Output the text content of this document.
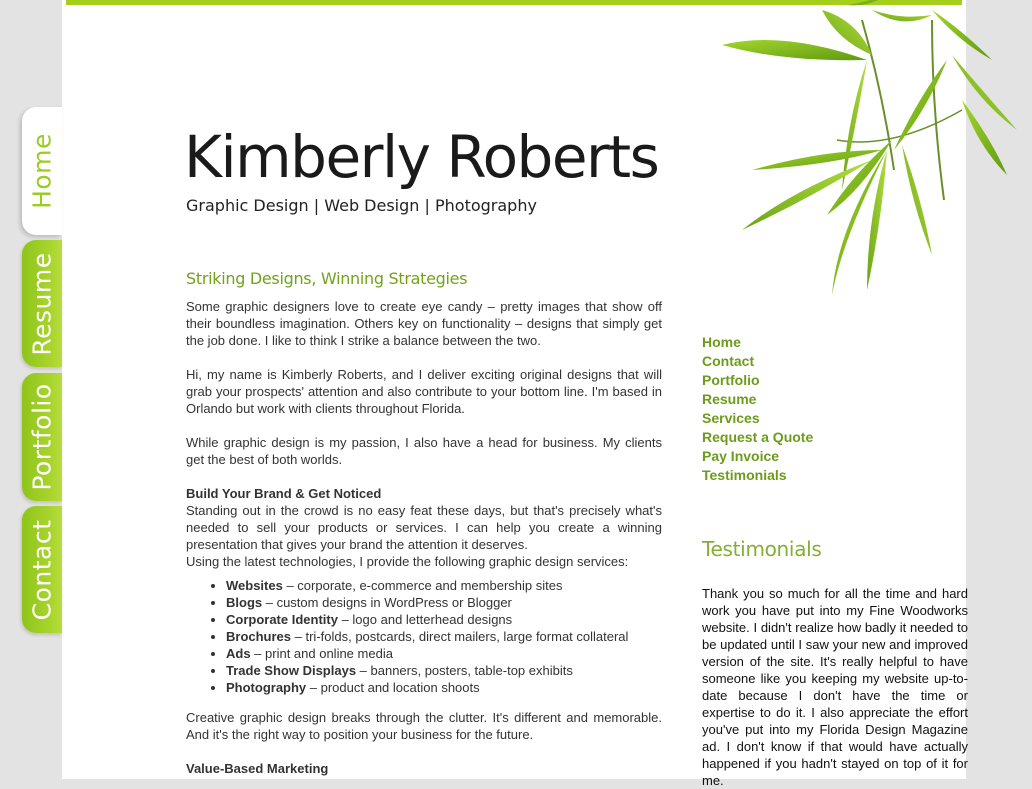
Kimberly Roberts
Graphic Design | Web Design | Photography
Striking Designs, Winning Strategies

Some graphic designers love to create eye candy – pretty images that show off their boundless imagination. Others key on functionality – designs that simply get the job done. I like to think I strike a balance between the two.

Hi, my name is Kimberly Roberts, and I deliver exciting original designs that will grab your prospects' attention and also contribute to your bottom line. I'm based in Orlando but work with clients throughout Florida.

While graphic design is my passion, I also have a head for business. My clients get the best of both worlds.

Build Your Brand & Get Noticed

Standing out in the crowd is no easy feat these days, but that's precisely what's needed to sell your products or services. I can help you create a winning presentation that gives your brand the attention it deserves.

Using the latest technologies, I provide the following graphic design services:

• Websites – corporate, e-commerce and membership sites
• Blogs – custom designs in WordPress or Blogger
• Corporate Identity – logo and letterhead designs
• Brochures – tri-folds, postcards, direct mailers, large format collateral
• Ads – print and online media
• Trade Show Displays – banners, posters, table-top exhibits
• Photography – product and location shoots

Creative graphic design breaks through the clutter. It's different and memorable. And it's the right way to position your business for the future.

Value-Based Marketing
Home
Contact
Portfolio
Resume
Services
Request a Quote
Pay Invoice
Testimonials
Testimonials

Thank you so much for all the time and hard work you have put into my Fine Woodworks website. I didn't realize how badly it needed to be updated until I saw your new and improved version of the site. It's really helpful to have someone like you keeping my website up-to-date because I don't have the time or expertise to do it. I also appreciate the effort you've put into my Florida Design Magazine ad. I don't know if that would have actually happened if you hadn't stayed on top of it for me.

Home
Resume
Portfolio
Contact
